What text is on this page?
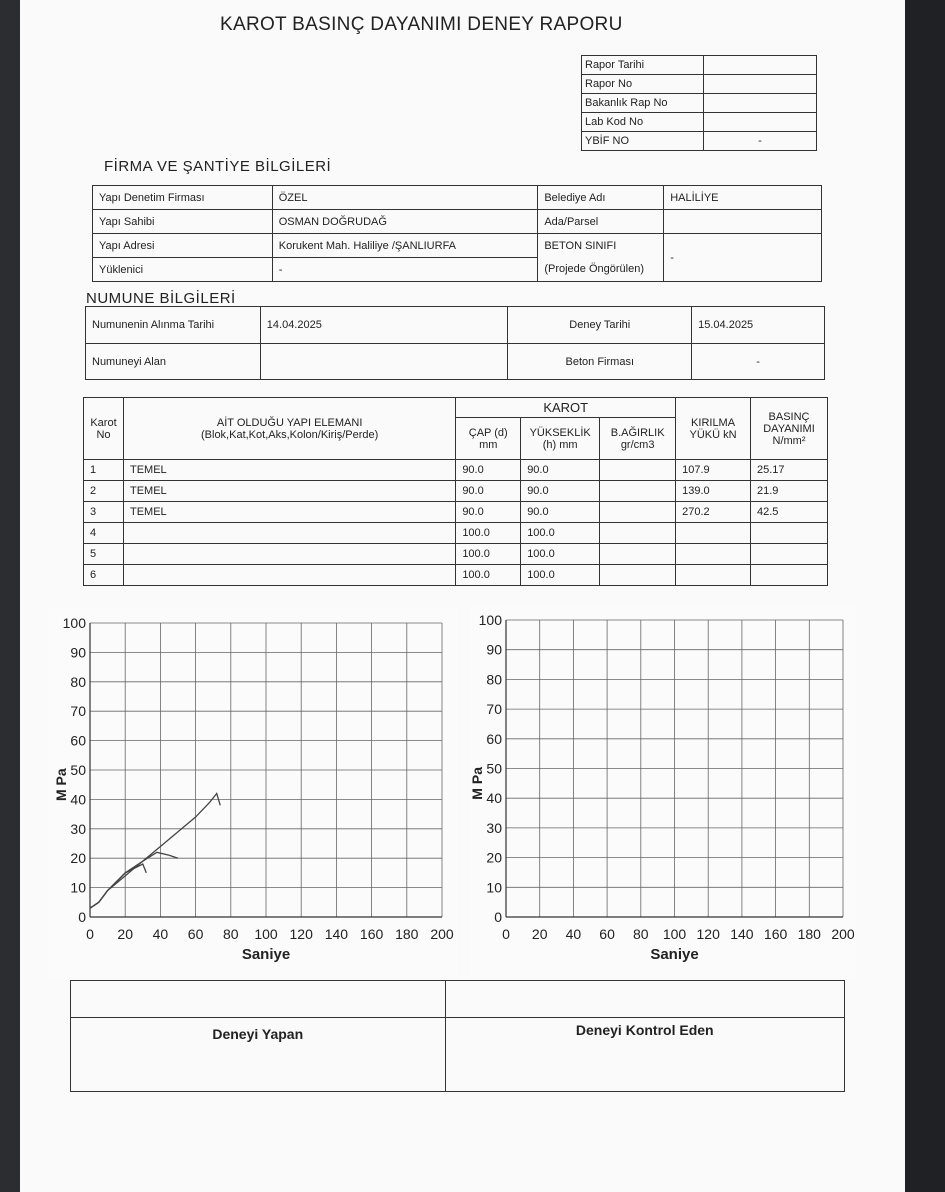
KAROT BASINÇ DAYANIMI DENEY RAPORU
Rapor Tarihi	
Rapor No	
Bakanlık Rap No	
Lab Kod No	
YBİF NO	-
FİRMA VE ŞANTİYE BİLGİLERİ
Yapı Denetim Firması	ÖZEL	Belediye Adı	HALİLİYE
Yapı Sahibi	OSMAN DOĞRUDAĞ	Ada/Parsel	
Yapı Adresi	Korukent Mah. Haliliye /ŞANLIURFA	BETON SINIFI	-
Yüklenici	-	(Projede Öngörülen)	
NUMUNE BİLGİLERİ
Numunenin Alınma Tarihi	14.04.2025	Deney Tarihi	15.04.2025
Numuneyi Alan		Beton Firması	-
Karot No	AİT OLDUĞU YAPI ELEMANI
(Blok,Kat,Kot,Aks,Kolon/Kiriş/Perde)	KAROT			KIRILMA YÜKÜ kN	BASINÇ DAYANIMI N/mm²
		ÇAP (d) mm	YÜKSEKLİK (h) mm	B.AĞIRLIK gr/cm3		
1	TEMEL	90.0	90.0		107.9	25.17
2	TEMEL	90.0	90.0		139.0	21.9
3	TEMEL	90.0	90.0		270.2	42.5
4		100.0	100.0			
5		100.0	100.0			
6		100.0	100.0			
0 20 40 60 80 100 120 140 160 180 200
0
10
20
30
40
50
60
70
80
90
100
Saniye
M Pa
0 20 40 60 80 100 120 140 160 180 200
0
10
20
30
40
50
60
70
80
90
100
Saniye
M Pa

Deneyi Yapan	Deneyi Kontrol Eden
